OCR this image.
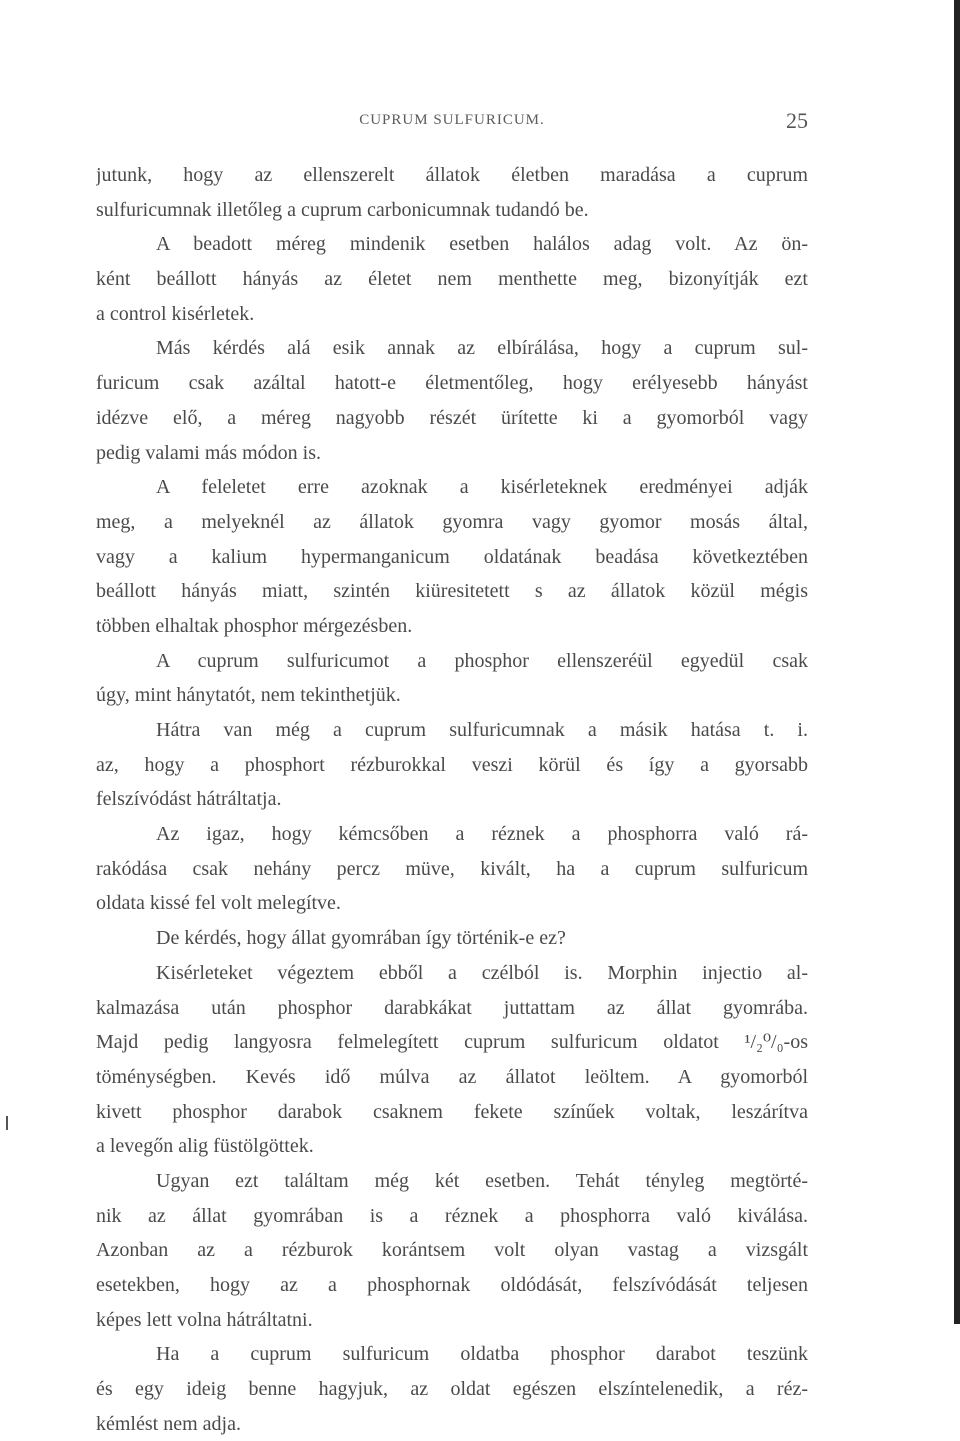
CUPRUM SULFURICUM.	25
jutunk, hogy az ellenszerelt állatok életben maradása a cuprum
sulfuricumnak illetőleg a cuprum carbonicumnak tudandó be.
A beadott méreg mindenik esetben halálos adag volt. Az ön-
ként beállott hányás az életet nem menthette meg, bizonyítják ezt
a control kisérletek.
Más kérdés alá esik annak az elbírálása, hogy a cuprum sul-
furicum csak azáltal hatott-e életmentőleg, hogy erélyesebb hányást
idézve elő, a méreg nagyobb részét ürítette ki a gyomorból vagy
pedig valami más módon is.
A feleletet erre azoknak a kisérleteknek eredményei adják
meg, a melyeknél az állatok gyomra vagy gyomor mosás által,
vagy a kalium hypermanganicum oldatának beadása következtében
beállott hányás miatt, szintén kiüresitetett s az állatok közül mégis
többen elhaltak phosphor mérgezésben.
A cuprum sulfuricumot a phosphor ellenszeréül egyedül csak
úgy, mint hánytatót, nem tekinthetjük.
Hátra van még a cuprum sulfuricumnak a másik hatása t. i.
az, hogy a phosphort rézburokkal veszi körül és így a gyorsabb
felszívódást hátráltatja.
Az igaz, hogy kémcsőben a réznek a phosphorra való rá-
rakódása csak nehány percz müve, kivált, ha a cuprum sulfuricum
oldata kissé fel volt melegítve.
De kérdés, hogy állat gyomrában így történik-e ez?
Kisérleteket végeztem ebből a czélból is. Morphin injectio al-
kalmazása után phosphor darabkákat juttattam az állat gyomrába.
Majd pedig langyosra felmelegített cuprum sulfuricum oldatot ¹/₂⁰/₀-os
töménységben. Kevés idő múlva az állatot leöltem. A gyomorból
kivett phosphor darabok csaknem fekete színűek voltak, leszárítva
a levegőn alig füstölgöttek.
Ugyan ezt találtam még két esetben. Tehát tényleg megtörté-
nik az állat gyomrában is a réznek a phosphorra való kiválása.
Azonban az a rézburok korántsem volt olyan vastag a vizsgált
esetekben, hogy az a phosphornak oldódását, felszívódását teljesen
képes lett volna hátráltatni.
Ha a cuprum sulfuricum oldatba phosphor darabot teszünk
és egy ideig benne hagyjuk, az oldat egészen elszíntelenedik, a réz-
kémlést nem adja.
